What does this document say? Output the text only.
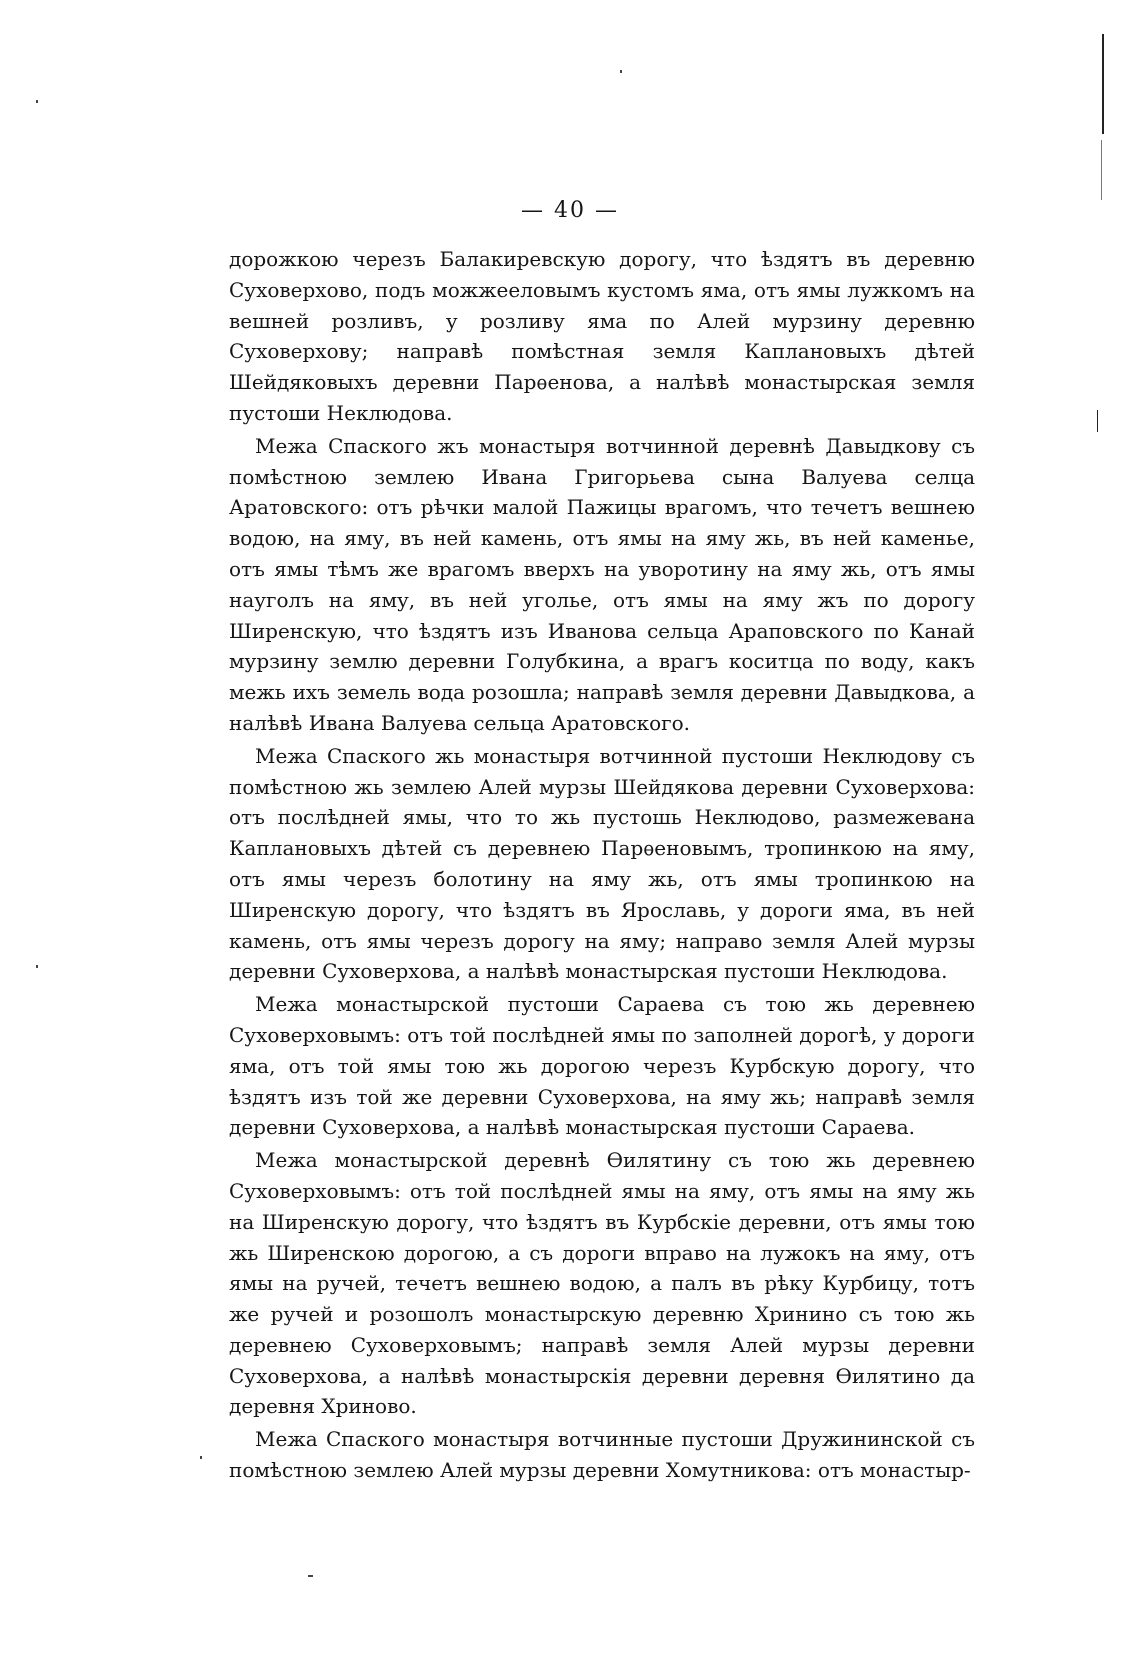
— 40 —

дорожкою черезъ Балакиревскую дорогу, что ѣздятъ въ деревню Суховерхово, подъ можжееловымъ кустомъ яма, отъ ямы лужкомъ на вешней розливъ, у розливу яма по Алей мурзину деревню Суховерхову; направѣ помѣстная земля Каплановыхъ дѣтей Шейдяковыхъ деревни Парѳенова, а налѣвѣ монастырская земля пустоши Неклюдова.

Межа Спаского жъ монастыря вотчинной деревнѣ Давыдкову съ помѣстною землею Ивана Григорьева сына Валуева селца Аратовского: отъ рѣчки малой Пажицы врагомъ, что течетъ вешнею водою, на яму, въ ней камень, отъ ямы на яму жь, въ ней каменье, отъ ямы тѣмъ же врагомъ вверхъ на уворотину на яму жь, отъ ямы науголъ на яму, въ ней уголье, отъ ямы на яму жъ по дорогу Ширенскую, что ѣздятъ изъ Иванова сельца Араповского по Канай мурзину землю деревни Голубкина, а врагъ коситца по воду, какъ межь ихъ земель вода розошла; направѣ земля деревни Давыдкова, а налѣвѣ Ивана Валуева сельца Аратовского.

Межа Спаского жь монастыря вотчинной пустоши Неклюдову съ помѣстною жь землею Алей мурзы Шейдякова деревни Суховерхова: отъ послѣдней ямы, что то жь пустошь Неклюдово, размежевана Каплановыхъ дѣтей съ деревнею Парѳеновымъ, тропинкою на яму, отъ ямы черезъ болотину на яму жь, отъ ямы тропинкою на Ширенскую дорогу, что ѣздятъ въ Ярославь, у дороги яма, въ ней камень, отъ ямы черезъ дорогу на яму; направо земля Алей мурзы деревни Суховерхова, а налѣвѣ монастырская пустоши Неклюдова.

Межа монастырской пустоши Сараева съ тою жь деревнею Суховерховымъ: отъ той послѣдней ямы по заполней дорогѣ, у дороги яма, отъ той ямы тою жь дорогою черезъ Курбскую дорогу, что ѣздятъ изъ той же деревни Суховерхова, на яму жь; направѣ земля деревни Суховерхова, а налѣвѣ монастырская пустоши Сараева.

Межа монастырской деревнѣ Ѳилятину съ тою жь деревнею Суховерховымъ: отъ той послѣдней ямы на яму, отъ ямы на яму жь на Ширенскую дорогу, что ѣздятъ въ Курбскіе деревни, отъ ямы тою жь Ширенскою дорогою, а съ дороги вправо на лужокъ на яму, отъ ямы на ручей, течетъ вешнею водою, а палъ въ рѣку Курбицу, тотъ же ручей и розошолъ монастырскую деревню Хринино съ тою жь деревнею Суховерховымъ; направѣ земля Алей мурзы деревни Суховерхова, а налѣвѣ монастырскія деревни деревня Ѳилятино да деревня Хриново.

Межа Спаского монастыря вотчинные пустоши Дружининской съ помѣстною землею Алей мурзы деревни Хомутникова: отъ монастыр-
